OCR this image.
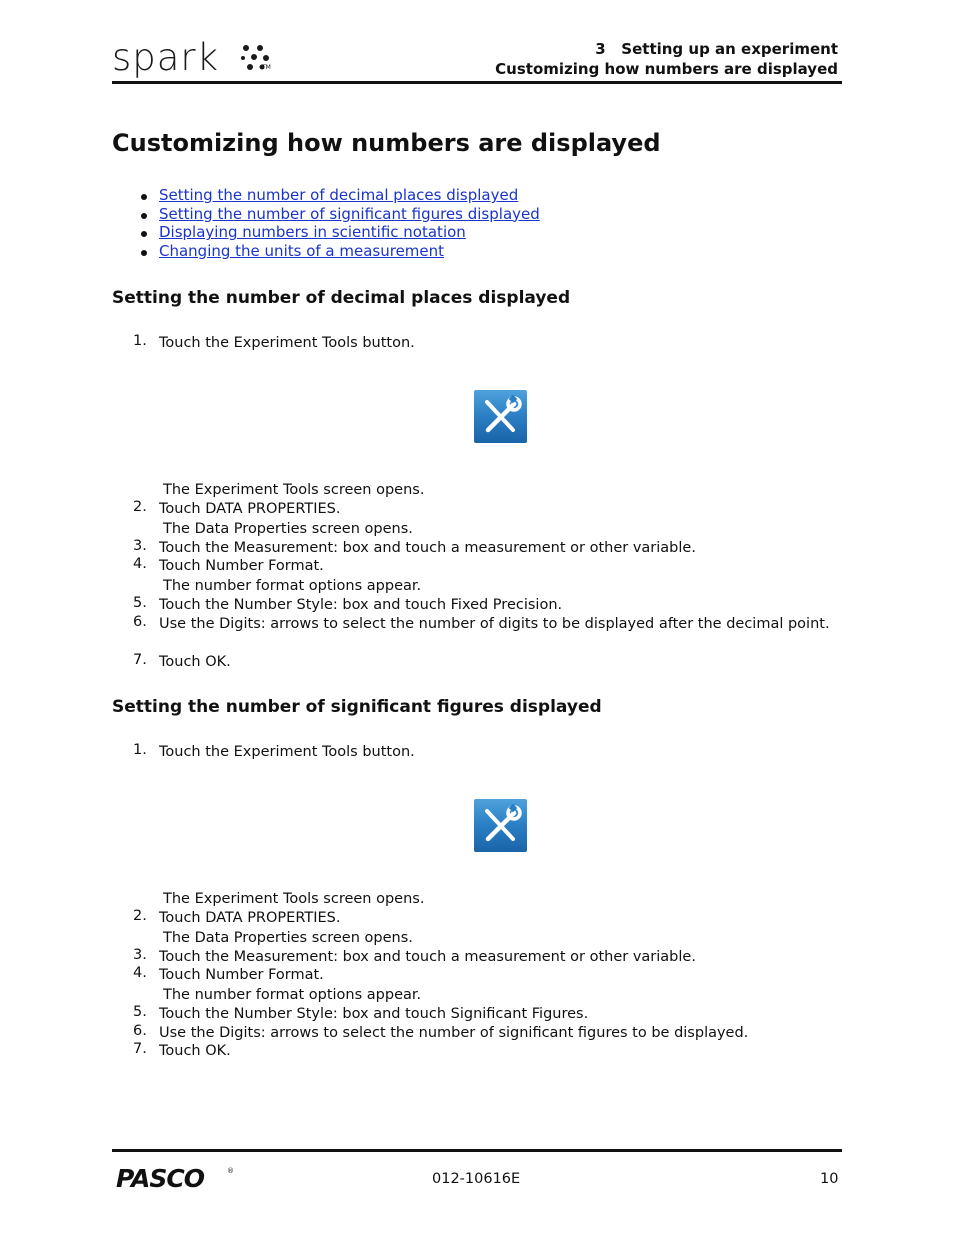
spark	TM
3   Setting up an experiment
Customizing how numbers are displayed
Customizing how numbers are displayed
Setting the number of decimal places displayed
Setting the number of significant figures displayed
Displaying numbers in scientific notation
Changing the units of a measurement
Setting the number of decimal places displayed
1. Touch the Experiment Tools button.
The Experiment Tools screen opens.
2. Touch DATA PROPERTIES.
The Data Properties screen opens.
3. Touch the Measurement: box and touch a measurement or other variable.
4. Touch Number Format.
The number format options appear.
5. Touch the Number Style: box and touch Fixed Precision.
6. Use the Digits: arrows to select the number of digits to be displayed after the decimal point.
7. Touch OK.
Setting the number of significant figures displayed
1. Touch the Experiment Tools button.
The Experiment Tools screen opens.
2. Touch DATA PROPERTIES.
The Data Properties screen opens.
3. Touch the Measurement: box and touch a measurement or other variable.
4. Touch Number Format.
The number format options appear.
5. Touch the Number Style: box and touch Significant Figures.
6. Use the Digits: arrows to select the number of significant figures to be displayed.
7. Touch OK.
PASCO	®	012-10616E	10
